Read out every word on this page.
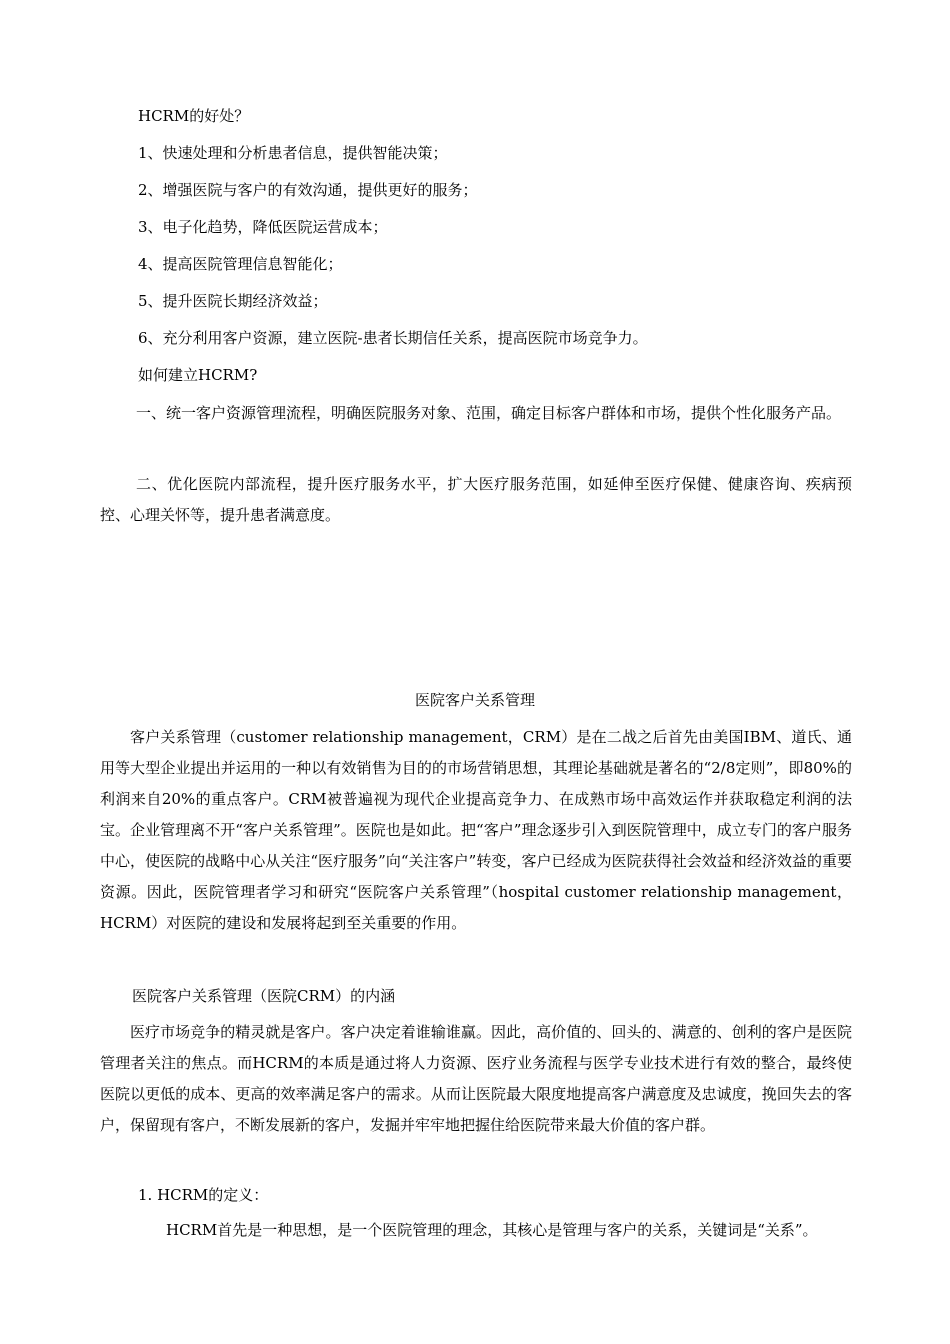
HCRM的好处？
1、快速处理和分析患者信息，提供智能决策；
2、增强医院与客户的有效沟通，提供更好的服务；
3、电子化趋势，降低医院运营成本；
4、提高医院管理信息智能化；
5、提升医院长期经济效益；
6、充分利用客户资源，建立医院-患者长期信任关系，提高医院市场竞争力。
如何建立HCRM?

一、统一客户资源管理流程，明确医院服务对象、范围，确定目标客户群体和市场，提供个性化服务产品。

二、优化医院内部流程，提升医疗服务水平，扩大医疗服务范围，如延伸至医疗保健、健康咨询、疾病预控、心理关怀等，提升患者满意度。

医院客户关系管理

客户关系管理（customer relationship management，CRM）是在二战之后首先由美国IBM、道氏、通用等大型企业提出并运用的一种以有效销售为目的的市场营销思想，其理论基础就是著名的“2/8定则”，即80%的利润来自20%的重点客户。CRM被普遍视为现代企业提高竞争力、在成熟市场中高效运作并获取稳定利润的法宝。企业管理离不开“客户关系管理”。医院也是如此。把“客户”理念逐步引入到医院管理中，成立专门的客户服务中心，使医院的战略中心从关注“医疗服务”向“关注客户”转变，客户已经成为医院获得社会效益和经济效益的重要资源。因此，医院管理者学习和研究“医院客户关系管理”（hospital customer relationship management，HCRM）对医院的建设和发展将起到至关重要的作用。

医院客户关系管理（医院CRM）的内涵

医疗市场竞争的精灵就是客户。客户决定着谁输谁赢。因此，高价值的、回头的、满意的、创利的客户是医院管理者关注的焦点。而HCRM的本质是通过将人力资源、医疗业务流程与医学专业技术进行有效的整合，最终使医院以更低的成本、更高的效率满足客户的需求。从而让医院最大限度地提高客户满意度及忠诚度，挽回失去的客户，保留现有客户，不断发展新的客户，发掘并牢牢地把握住给医院带来最大价值的客户群。

1. HCRM的定义：
HCRM首先是一种思想，是一个医院管理的理念，其核心是管理与客户的关系，关键词是“关系”。
